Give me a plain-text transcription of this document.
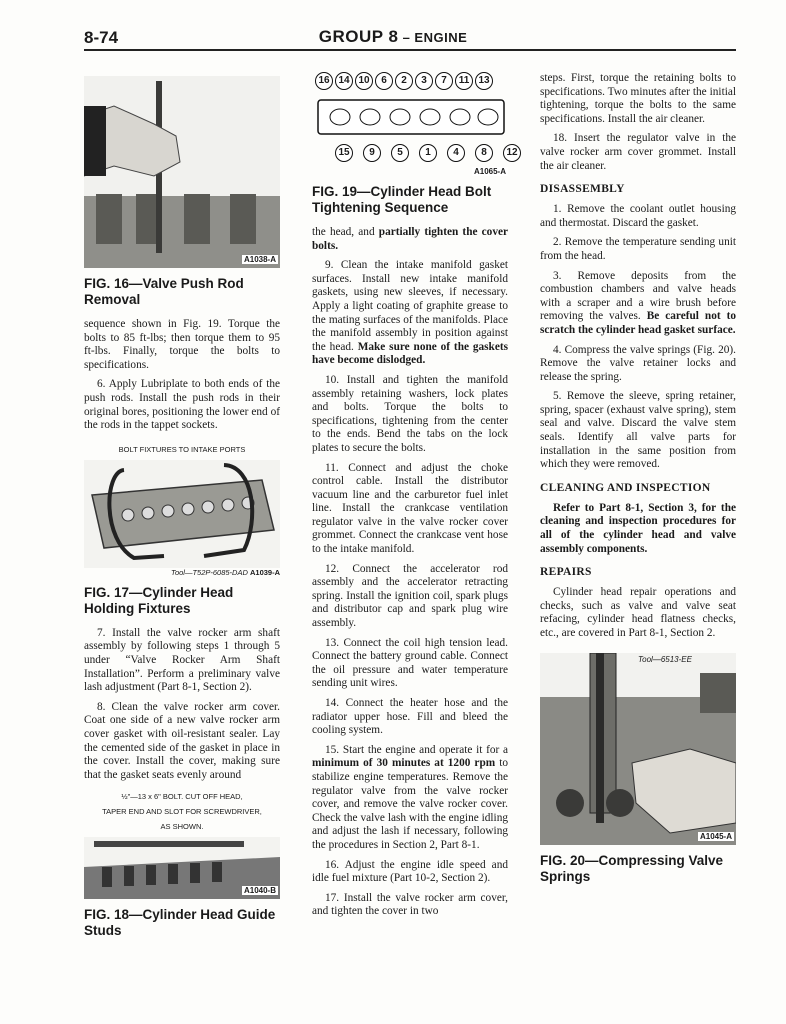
8-74	GROUP 8 – ENGINE
A1038-A
FIG. 16—Valve Push Rod Removal

sequence shown in Fig. 19. Torque the bolts to 85 ft-lbs; then torque them to 95 ft-lbs. Finally, torque the bolts to specifications.

6. Apply Lubriplate to both ends of the push rods. Install the push rods in their original bores, positioning the lower end of the rods in the tappet sockets.

BOLT FIXTURES TO INTAKE PORTS

Tool—T52P-6085-DAD A1039-A

FIG. 17—Cylinder Head Holding Fixtures

7. Install the valve rocker arm shaft assembly by following steps 1 through 5 under “Valve Rocker Arm Shaft Installation”. Perform a preliminary valve lash adjustment (Part 8-1, Section 2).

8. Clean the valve rocker arm cover. Coat one side of a new valve rocker arm cover gasket with oil-resistant sealer. Lay the cemented side of the gasket in place in the cover. Install the cover, making sure that the gasket seats evenly around

½"—13 x 6" BOLT. CUT OFF HEAD,

TAPER END AND SLOT FOR SCREWDRIVER,

AS SHOWN.

A1040-B
FIG. 18—Cylinder Head Guide Studs
16 14 10 6 2 3 7 11 13
15 9 5 1 4 8 12
A1065-A
FIG. 19—Cylinder Head Bolt Tightening Sequence

the head, and partially tighten the cover bolts.

9. Clean the intake manifold gasket surfaces. Install new intake manifold gaskets, using new sleeves, if necessary. Apply a light coating of graphite grease to the mating surfaces of the manifolds. Place the manifold assembly in position against the head. Make sure none of the gaskets have become dislodged.

10. Install and tighten the manifold assembly retaining washers, lock plates and bolts. Torque the bolts to specifications, tightening from the center to the ends. Bend the tabs on the lock plates to secure the bolts.

11. Connect and adjust the choke control cable. Install the distributor vacuum line and the carburetor fuel inlet line. Install the crankcase ventilation regulator valve in the valve rocker cover grommet. Connect the crankcase vent hose to the intake manifold.

12. Connect the accelerator rod assembly and the accelerator retracting spring. Install the ignition coil, spark plugs and distributor cap and spark plug wire assembly.

13. Connect the coil high tension lead. Connect the battery ground cable. Connect the oil pressure and water temperature sending unit wires.

14. Connect the heater hose and the radiator upper hose. Fill and bleed the cooling system.

15. Start the engine and operate it for a minimum of 30 minutes at 1200 rpm to stabilize engine temperatures. Remove the regulator valve from the valve rocker cover, and remove the valve rocker cover. Check the valve lash with the engine idling and adjust the lash if necessary, following the procedures in Section 2, Part 8-1.

16. Adjust the engine idle speed and idle fuel mixture (Part 10-2, Section 2).

17. Install the valve rocker arm cover, and tighten the cover in two

steps. First, torque the retaining bolts to specifications. Two minutes after the initial tightening, torque the bolts to the same specifications. Install the air cleaner.

18. Insert the regulator valve in the valve rocker arm cover grommet. Install the air cleaner.

DISASSEMBLY

1. Remove the coolant outlet housing and thermostat. Discard the gasket.

2. Remove the temperature sending unit from the head.

3. Remove deposits from the combustion chambers and valve heads with a scraper and a wire brush before removing the valves. Be careful not to scratch the cylinder head gasket surface.

4. Compress the valve springs (Fig. 20). Remove the valve retainer locks and release the spring.

5. Remove the sleeve, spring retainer, spring, spacer (exhaust valve spring), stem seal and valve. Discard the valve stem seals. Identify all valve parts for installation in the same position from which they were removed.

CLEANING AND INSPECTION

Refer to Part 8-1, Section 3, for the cleaning and inspection procedures for all of the cylinder head and valve assembly components.

REPAIRS

Cylinder head repair operations and checks, such as valve and valve seat refacing, cylinder head flatness checks, etc., are covered in Part 8-1, Section 2.

Tool—6513-EE
A1045-A
FIG. 20—Compressing Valve Springs
